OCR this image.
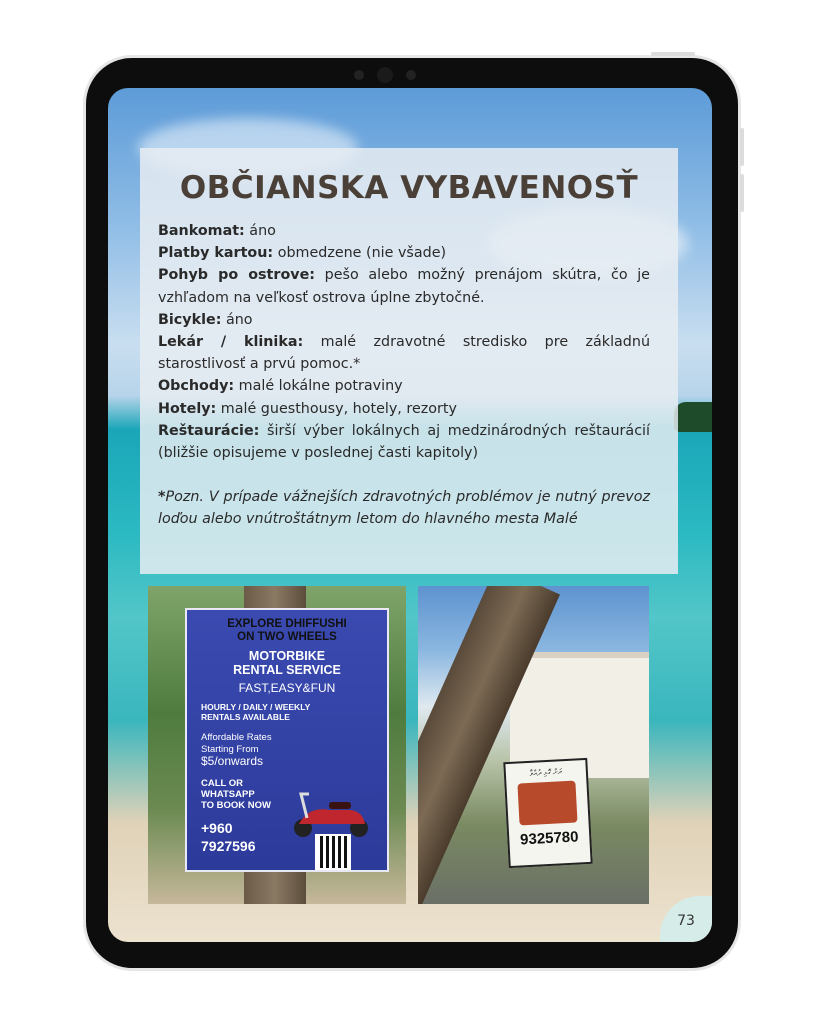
OBČIANSKA VYBAVENOSŤ

Bankomat: áno

Platby kartou: obmedzene (nie všade)

Pohyb po ostrove: pešo alebo možný prenájom skútra, čo je vzhľadom na veľkosť ostrova úplne zbytočné.

Bicykle: áno

Lekár / klinika: malé zdravotné stredisko pre základnú starostlivosť a prvú pomoc.*

Obchody: malé lokálne potraviny

Hotely: malé guesthousy, hotely, rezorty

Reštaurácie: širší výber lokálnych aj medzinárodných reštaurácií (bližšie opisujeme v poslednej časti kapitoly)

*Pozn. V prípade vážnejších zdravotných problémov je nutný prevoz loďou alebo vnútroštátnym letom do hlavného mesta Malé

EXPLORE DHIFFUSHI
ON TWO WHEELS
MOTORBIKE
RENTAL SERVICE
FAST,EASY&FUN
HOURLY / DAILY / WEEKLY
RENTALS AVAILABLE
Affordable Rates
Starting From
$5/onwards
CALL OR
WHATSAPP
TO BOOK NOW
+960
7927596
ރަށް ގޮޅި ދުއްވާ
9325780
73
